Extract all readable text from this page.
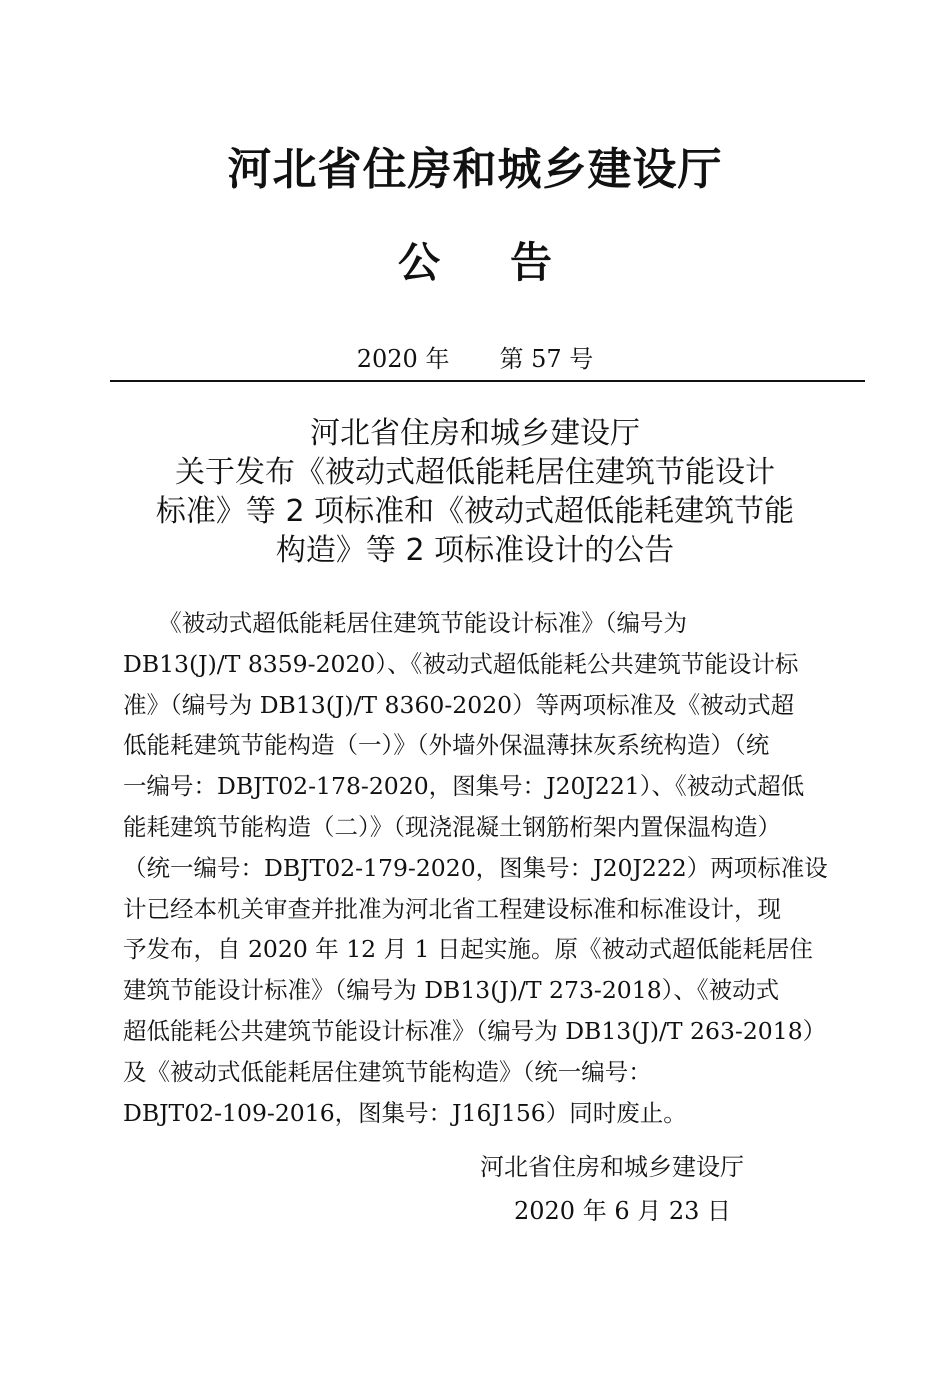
河北省住房和城乡建设厅
公告
2020 年 第 57 号
河北省住房和城乡建设厅
关于发布《被动式超低能耗居住建筑节能设计
标准》等 2 项标准和《被动式超低能耗建筑节能
构造》等 2 项标准设计的公告
　　《被动式超低能耗居住建筑节能设计标准》（编号为
DB13(J)/T 8359-2020）、《被动式超低能耗公共建筑节能设计标
准》（编号为 DB13(J)/T 8360-2020）等两项标准及《被动式超
低能耗建筑节能构造（一）》（外墙外保温薄抹灰系统构造）（统
一编号：DBJT02-178-2020，图集号：J20J221）、《被动式超低
能耗建筑节能构造（二）》（现浇混凝土钢筋桁架内置保温构造）
（统一编号：DBJT02-179-2020，图集号：J20J222）两项标准设
计已经本机关审查并批准为河北省工程建设标准和标准设计，现
予发布，自 2020 年 12 月 1 日起实施。原《被动式超低能耗居住
建筑节能设计标准》（编号为 DB13(J)/T 273-2018）、《被动式
超低能耗公共建筑节能设计标准》（编号为 DB13(J)/T 263-2018）
及《被动式低能耗居住建筑节能构造》（统一编号：
DBJT02-109-2016，图集号：J16J156）同时废止。
河北省住房和城乡建设厅
2020 年 6 月 23 日
